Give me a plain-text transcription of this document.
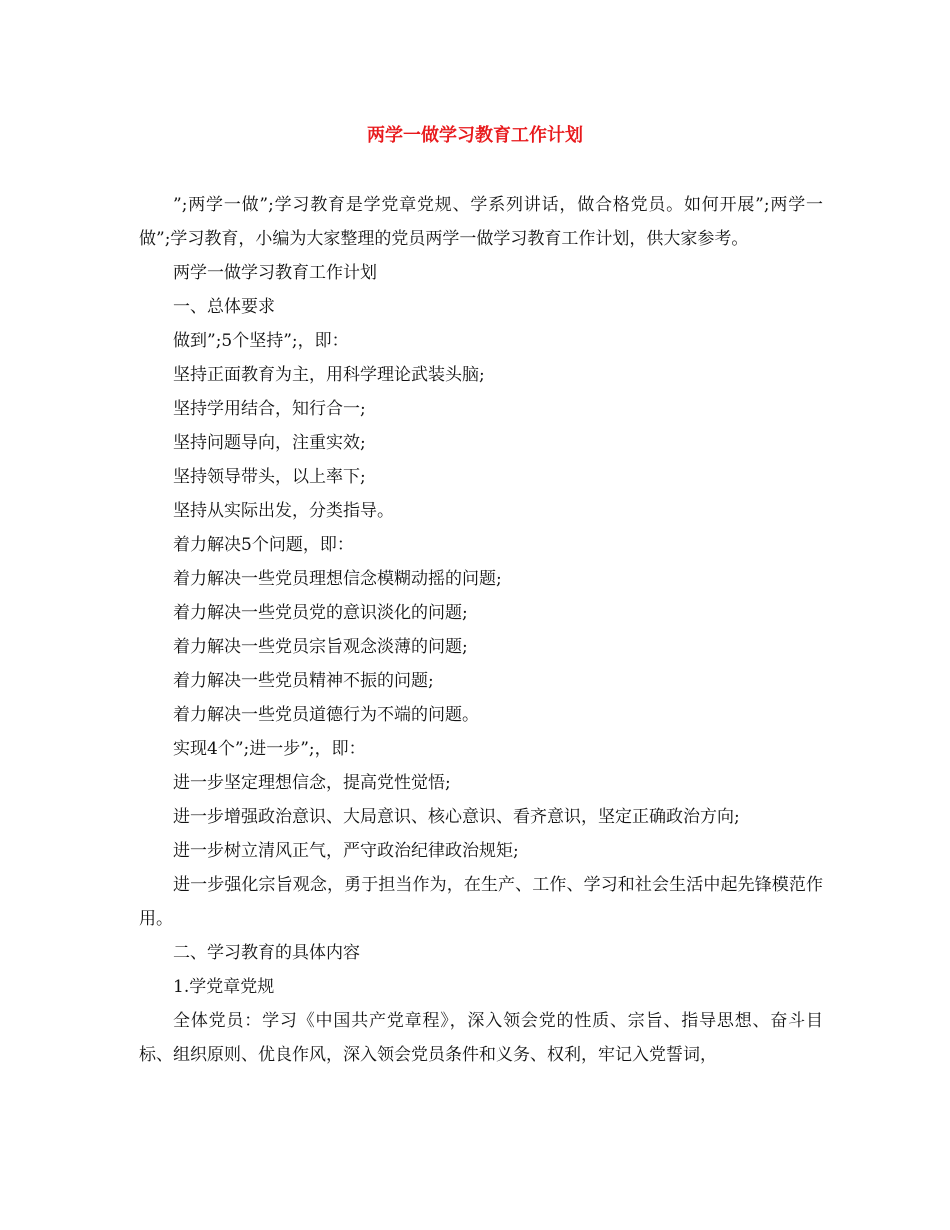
两学一做学习教育工作计划

”;两学一做”;学习教育是学党章党规、学系列讲话，做合格党员。如何开展”;两学一做”;学习教育，小编为大家整理的党员两学一做学习教育工作计划，供大家参考。

两学一做学习教育工作计划

一、总体要求

做到”;5个坚持”;，即：

坚持正面教育为主，用科学理论武装头脑;

坚持学用结合，知行合一;

坚持问题导向，注重实效;

坚持领导带头，以上率下;

坚持从实际出发，分类指导。

着力解决5个问题，即：

着力解决一些党员理想信念模糊动摇的问题;

着力解决一些党员党的意识淡化的问题;

着力解决一些党员宗旨观念淡薄的问题;

着力解决一些党员精神不振的问题;

着力解决一些党员道德行为不端的问题。

实现4个”;进一步”;，即：

进一步坚定理想信念，提高党性觉悟;

进一步增强政治意识、大局意识、核心意识、看齐意识，坚定正确政治方向;

进一步树立清风正气，严守政治纪律政治规矩;

进一步强化宗旨观念，勇于担当作为，在生产、工作、学习和社会生活中起先锋模范作用。

二、学习教育的具体内容

1.学党章党规

全体党员：学习《中国共产党章程》，深入领会党的性质、宗旨、指导思想、奋斗目标、组织原则、优良作风，深入领会党员条件和义务、权利，牢记入党誓词，
